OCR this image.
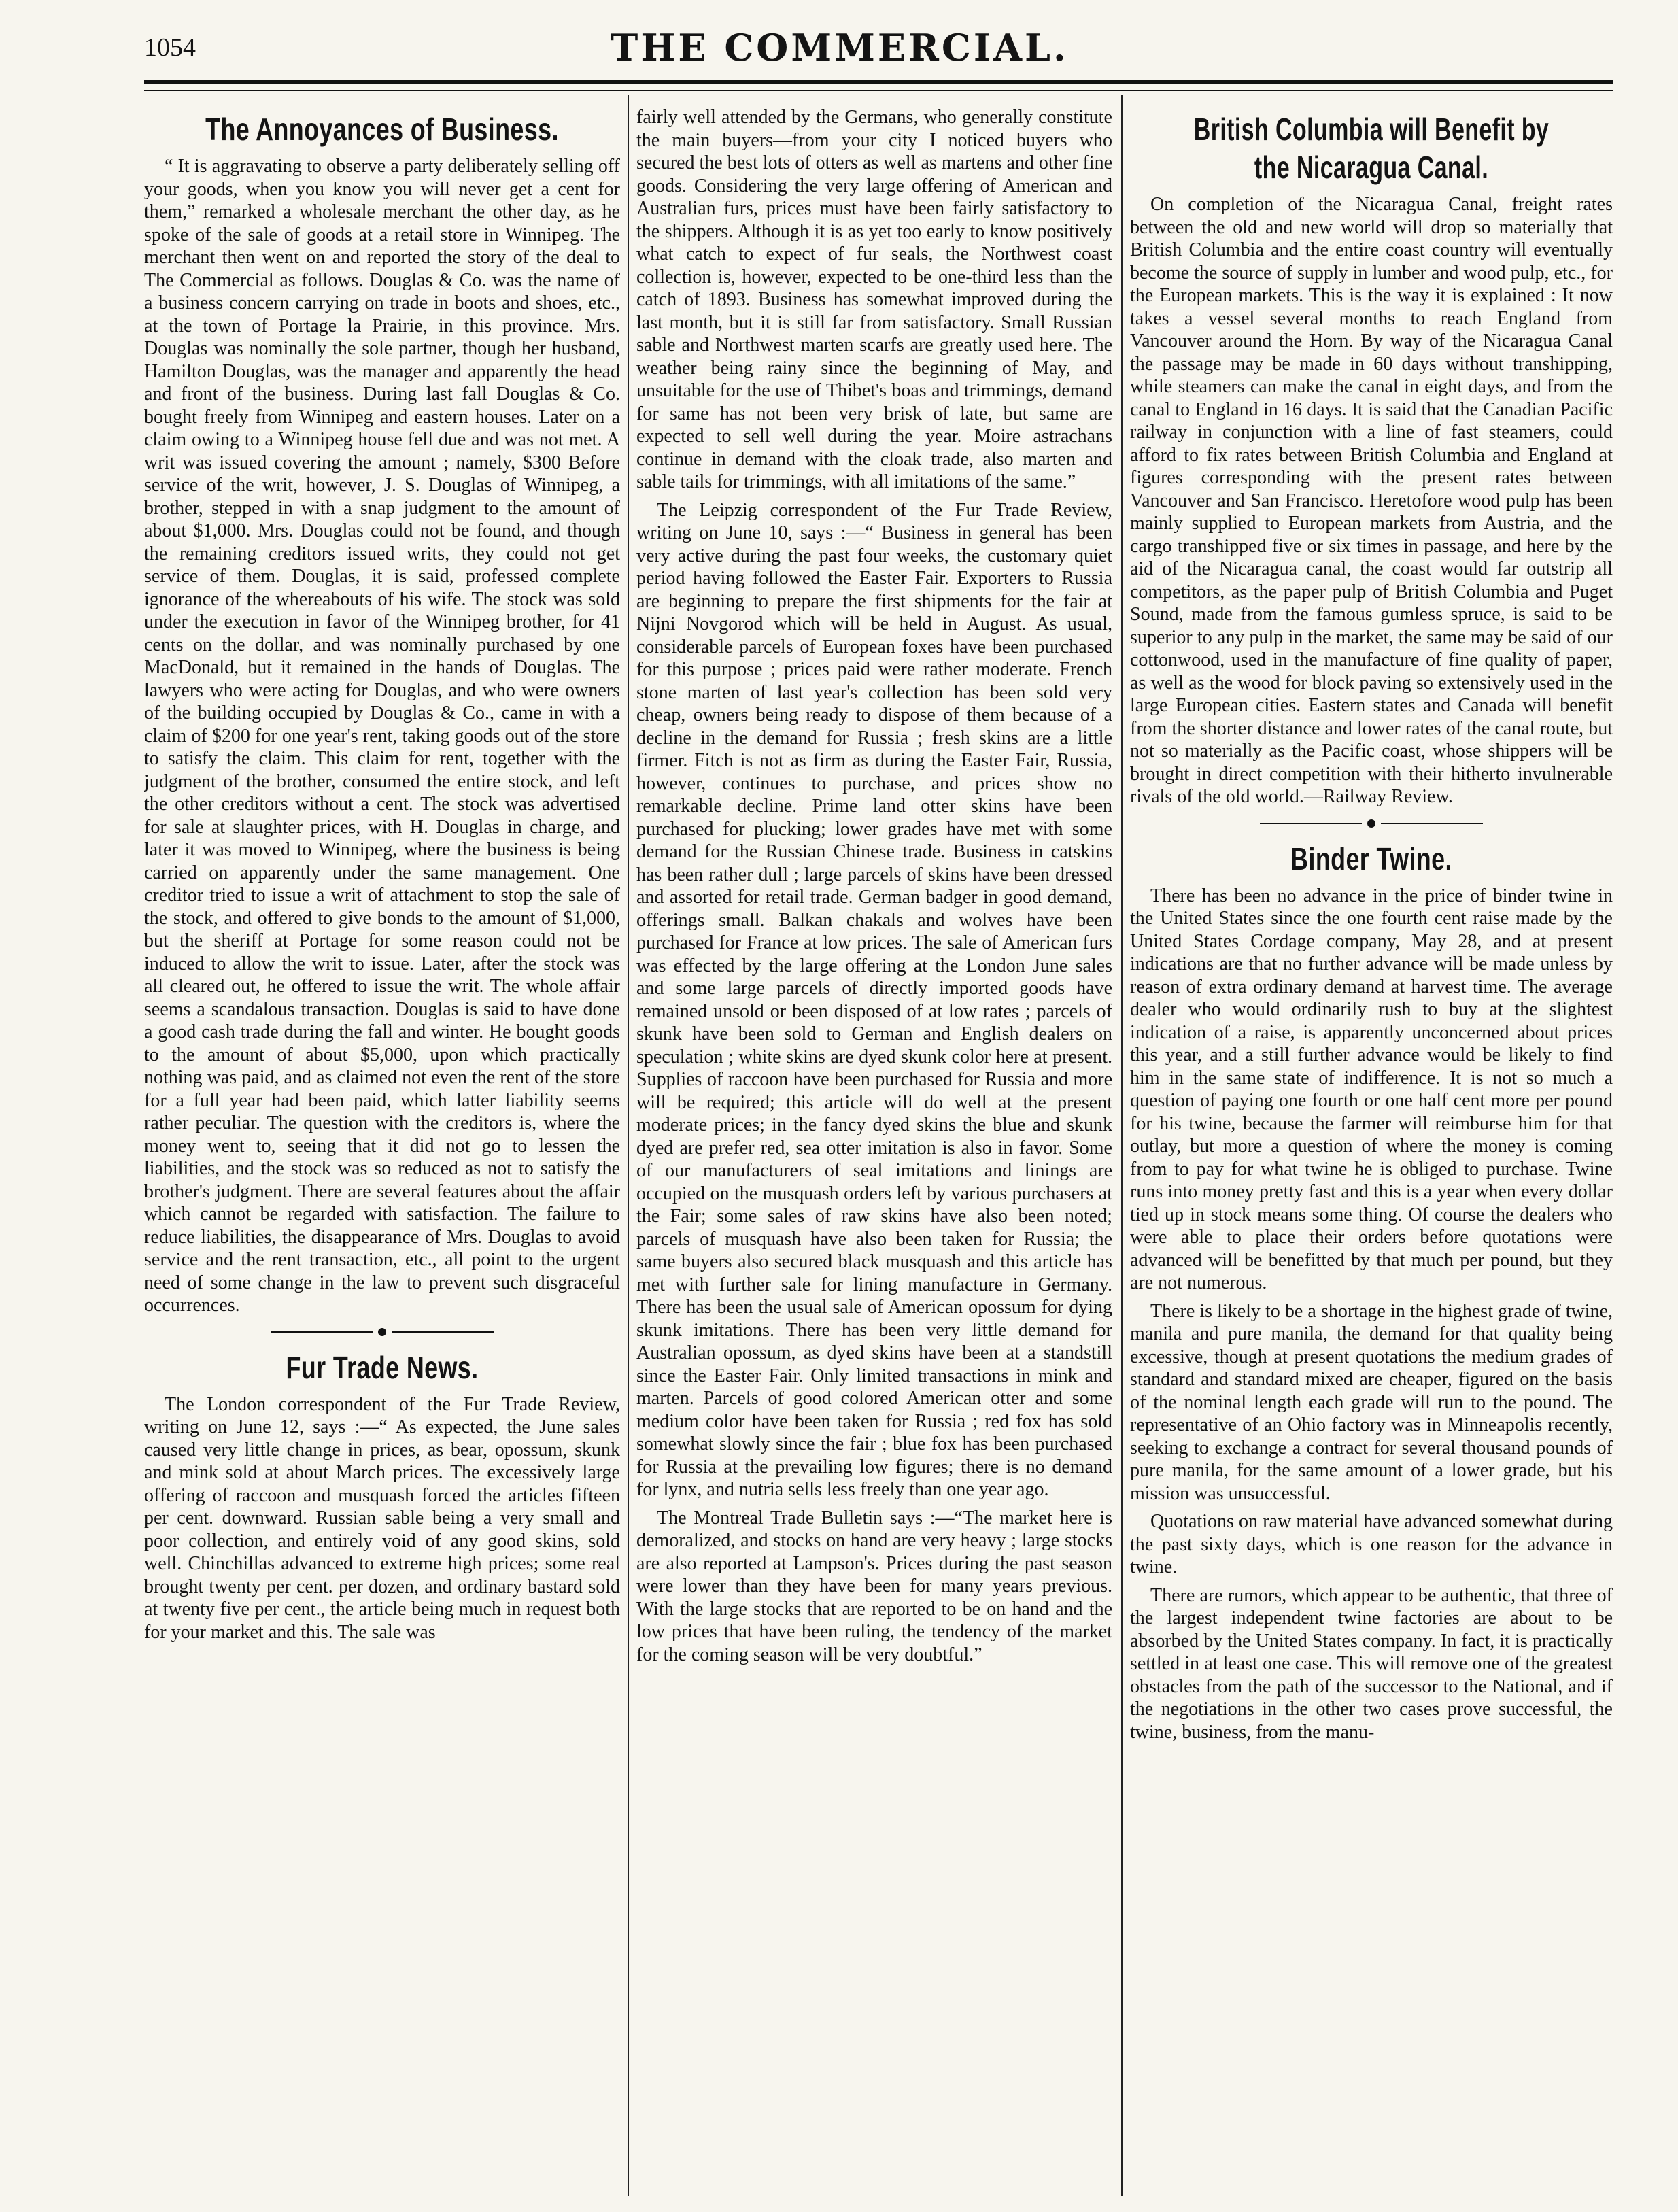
1054	THE COMMERCIAL.
The Annoyances of Business.

“ It is aggravating to observe a party deliberately selling off your goods, when you know you will never get a cent for them,” remarked a wholesale merchant the other day, as he spoke of the sale of goods at a retail store in Winnipeg. The merchant then went on and reported the story of the deal to The Commercial as follows. Douglas & Co. was the name of a business concern carrying on trade in boots and shoes, etc., at the town of Portage la Prairie, in this province. Mrs. Douglas was nominally the sole partner, though her husband, Hamilton Douglas, was the manager and apparently the head and front of the business. During last fall Douglas & Co. bought freely from Winnipeg and eastern houses. Later on a claim owing to a Winnipeg house fell due and was not met. A writ was issued covering the amount ; namely, $300 Before service of the writ, however, J. S. Douglas of Winnipeg, a brother, stepped in with a snap judgment to the amount of about $1,000. Mrs. Douglas could not be found, and though the remaining creditors issued writs, they could not get service of them. Douglas, it is said, professed complete ignorance of the whereabouts of his wife. The stock was sold under the execution in favor of the Winnipeg brother, for 41 cents on the dollar, and was nominally purchased by one MacDonald, but it remained in the hands of Douglas. The lawyers who were acting for Douglas, and who were owners of the building occupied by Douglas & Co., came in with a claim of $200 for one year's rent, taking goods out of the store to satisfy the claim. This claim for rent, together with the judgment of the brother, consumed the entire stock, and left the other creditors without a cent. The stock was advertised for sale at slaughter prices, with H. Douglas in charge, and later it was moved to Winnipeg, where the business is being carried on apparently under the same management. One creditor tried to issue a writ of attachment to stop the sale of the stock, and offered to give bonds to the amount of $1,000, but the sheriff at Portage for some reason could not be induced to allow the writ to issue. Later, after the stock was all cleared out, he offered to issue the writ. The whole affair seems a scandalous transaction. Douglas is said to have done a good cash trade during the fall and winter. He bought goods to the amount of about $5,000, upon which practically nothing was paid, and as claimed not even the rent of the store for a full year had been paid, which latter liability seems rather peculiar. The question with the creditors is, where the money went to, seeing that it did not go to lessen the liabilities, and the stock was so reduced as not to satisfy the brother's judgment. There are several features about the affair which cannot be regarded with satisfaction. The failure to reduce liabilities, the disappearance of Mrs. Douglas to avoid service and the rent transaction, etc., all point to the urgent need of some change in the law to prevent such disgraceful occurrences.

Fur Trade News.

The London correspondent of the Fur Trade Review, writing on June 12, says :—“ As expected, the June sales caused very little change in prices, as bear, opossum, skunk and mink sold at about March prices. The excessively large offering of raccoon and musquash forced the articles fifteen per cent. downward. Russian sable being a very small and poor collection, and entirely void of any good skins, sold well. Chinchillas advanced to extreme high prices; some real brought twenty per cent. per dozen, and ordinary bastard sold at twenty five per cent., the article being much in request both for your market and this. The sale was

fairly well attended by the Germans, who generally constitute the main buyers—from your city I noticed buyers who secured the best lots of otters as well as martens and other fine goods. Considering the very large offering of American and Australian furs, prices must have been fairly satisfactory to the shippers. Although it is as yet too early to know positively what catch to expect of fur seals, the Northwest coast collection is, however, expected to be one-third less than the catch of 1893. Business has somewhat improved during the last month, but it is still far from satisfactory. Small Russian sable and Northwest marten scarfs are greatly used here. The weather being rainy since the beginning of May, and unsuitable for the use of Thibet's boas and trimmings, demand for same has not been very brisk of late, but same are expected to sell well during the year. Moire astrachans continue in demand with the cloak trade, also marten and sable tails for trimmings, with all imitations of the same.”

The Leipzig correspondent of the Fur Trade Review, writing on June 10, says :—“ Business in general has been very active during the past four weeks, the customary quiet period having followed the Easter Fair. Exporters to Russia are beginning to prepare the first shipments for the fair at Nijni Novgorod which will be held in August. As usual, considerable parcels of European foxes have been purchased for this purpose ; prices paid were rather moderate. French stone marten of last year's collection has been sold very cheap, owners being ready to dispose of them because of a decline in the demand for Russia ; fresh skins are a little firmer. Fitch is not as firm as during the Easter Fair, Russia, however, continues to purchase, and prices show no remarkable decline. Prime land otter skins have been purchased for plucking; lower grades have met with some demand for the Russian Chinese trade. Business in catskins has been rather dull ; large parcels of skins have been dressed and assorted for retail trade. German badger in good demand, offerings small. Balkan chakals and wolves have been purchased for France at low prices. The sale of American furs was effected by the large offering at the London June sales and some large parcels of directly imported goods have remained unsold or been disposed of at low rates ; parcels of skunk have been sold to German and English dealers on speculation ; white skins are dyed skunk color here at present. Supplies of raccoon have been purchased for Russia and more will be required; this article will do well at the present moderate prices; in the fancy dyed skins the blue and skunk dyed are prefer red, sea otter imitation is also in favor. Some of our manufacturers of seal imitations and linings are occupied on the musquash orders left by various purchasers at the Fair; some sales of raw skins have also been noted; parcels of musquash have also been taken for Russia; the same buyers also secured black musquash and this article has met with further sale for lining manufacture in Germany. There has been the usual sale of American opossum for dying skunk imitations. There has been very little demand for Australian opossum, as dyed skins have been at a standstill since the Easter Fair. Only limited transactions in mink and marten. Parcels of good colored American otter and some medium color have been taken for Russia ; red fox has sold somewhat slowly since the fair ; blue fox has been purchased for Russia at the prevailing low figures; there is no demand for lynx, and nutria sells less freely than one year ago.

The Montreal Trade Bulletin says :—“The market here is demoralized, and stocks on hand are very heavy ; large stocks are also reported at Lampson's. Prices during the past season were lower than they have been for many years previous. With the large stocks that are reported to be on hand and the low prices that have been ruling, the tendency of the market for the coming season will be very doubtful.”

British Columbia will Benefit by the Nicaragua Canal.

On completion of the Nicaragua Canal, freight rates between the old and new world will drop so materially that British Columbia and the entire coast country will eventually become the source of supply in lumber and wood pulp, etc., for the European markets. This is the way it is explained : It now takes a vessel several months to reach England from Vancouver around the Horn. By way of the Nicaragua Canal the passage may be made in 60 days without transhipping, while steamers can make the canal in eight days, and from the canal to England in 16 days. It is said that the Canadian Pacific railway in conjunction with a line of fast steamers, could afford to fix rates between British Columbia and England at figures corresponding with the present rates between Vancouver and San Francisco. Heretofore wood pulp has been mainly supplied to European markets from Austria, and the cargo transhipped five or six times in passage, and here by the aid of the Nicaragua canal, the coast would far outstrip all competitors, as the paper pulp of British Columbia and Puget Sound, made from the famous gumless spruce, is said to be superior to any pulp in the market, the same may be said of our cottonwood, used in the manufacture of fine quality of paper, as well as the wood for block paving so extensively used in the large European cities. Eastern states and Canada will benefit from the shorter distance and lower rates of the canal route, but not so materially as the Pacific coast, whose shippers will be brought in direct competition with their hitherto invulnerable rivals of the old world.—Railway Review.

Binder Twine.

There has been no advance in the price of binder twine in the United States since the one fourth cent raise made by the United States Cordage company, May 28, and at present indications are that no further advance will be made unless by reason of extra ordinary demand at harvest time. The average dealer who would ordinarily rush to buy at the slightest indication of a raise, is apparently unconcerned about prices this year, and a still further advance would be likely to find him in the same state of indifference. It is not so much a question of paying one fourth or one half cent more per pound for his twine, because the farmer will reimburse him for that outlay, but more a question of where the money is coming from to pay for what twine he is obliged to purchase. Twine runs into money pretty fast and this is a year when every dollar tied up in stock means some thing. Of course the dealers who were able to place their orders before quotations were advanced will be benefitted by that much per pound, but they are not numerous.

There is likely to be a shortage in the highest grade of twine, manila and pure manila, the demand for that quality being excessive, though at present quotations the medium grades of standard and standard mixed are cheaper, figured on the basis of the nominal length each grade will run to the pound. The representative of an Ohio factory was in Minneapolis recently, seeking to exchange a contract for several thousand pounds of pure manila, for the same amount of a lower grade, but his mission was unsuccessful.

Quotations on raw material have advanced somewhat during the past sixty days, which is one reason for the advance in twine.

There are rumors, which appear to be authentic, that three of the largest independent twine factories are about to be absorbed by the United States company. In fact, it is practically settled in at least one case. This will remove one of the greatest obstacles from the path of the successor to the National, and if the negotiations in the other two cases prove successful, the twine, business, from the manu-
